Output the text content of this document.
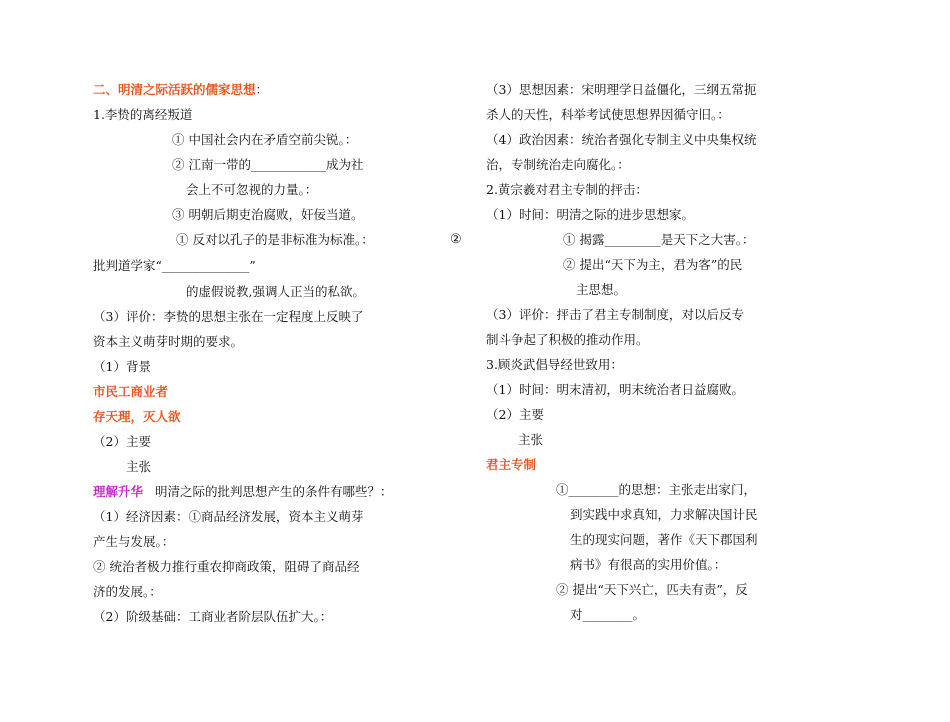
二、明清之际活跃的儒家思想：
1.李贽的离经叛道
① 中国社会内在矛盾空前尖锐。：
② 江南一带的____________成为社
会上不可忽视的力量。：
③ 明朝后期吏治腐败，奸佞当道。
① 反对以孔子的是非标准为标准。：
批判道学家“______________”
的虚假说教,强调人正当的私欲。
（3）评价：李贽的思想主张在一定程度上反映了
资本主义萌芽时期的要求。
（1）背景
市民工商业者
存天理，灭人欲
（2）主要
主张
理解升华 明清之际的批判思想产生的条件有哪些？：
（1）经济因素：①商品经济发展，资本主义萌芽
产生与发展。：
② 统治者极力推行重农抑商政策，阻碍了商品经
济的发展。：
（2）阶级基础：工商业者阶层队伍扩大。：
②
（3）思想因素：宋明理学日益僵化，三纲五常扼
杀人的天性，科举考试使思想界因循守旧。：
（4）政治因素：统治者强化专制主义中央集权统
治，专制统治走向腐化。：
2.黄宗羲对君主专制的抨击：
（1）时间：明清之际的进步思想家。
① 揭露_________是天下之大害。：
② 提出“天下为主，君为客”的民
主思想。
（3）评价：抨击了君主专制制度，对以后反专
制斗争起了积极的推动作用。
3.顾炎武倡导经世致用：
（1）时间：明末清初，明末统治者日益腐败。
（2）主要
主张
君主专制
①________的思想：主张走出家门，
到实践中求真知，力求解决国计民
生的现实问题，著作《天下郡国利
病书》有很高的实用价值。：
② 提出“天下兴亡，匹夫有责”，反
对________。
